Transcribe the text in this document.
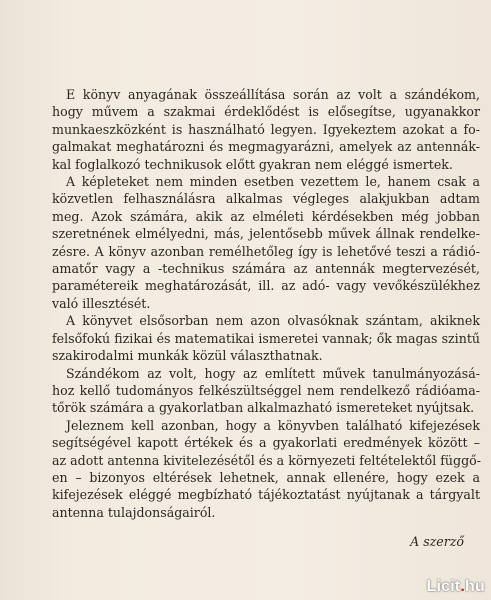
E könyv anyagának összeállítása során az volt a szándékom,
hogy művem a szakmai érdeklődést is elősegítse, ugyanakkor
munkaeszközként is használható legyen. Igyekeztem azokat a fo-
galmakat meghatározni és megmagyarázni, amelyek az antennák-
kal foglalkozó technikusok előtt gyakran nem eléggé ismertek.

A képleteket nem minden esetben vezettem le, hanem csak a
közvetlen felhasználásra alkalmas végleges alakjukban adtam
meg. Azok számára, akik az elméleti kérdésekben még jobban
szeretnének elmélyedni, más, jelentősebb művek állnak rendelke-
zésre. A könyv azonban remélhetőleg így is lehetővé teszi a rádió-
amatőr vagy a -technikus számára az antennák megtervezését,
paramétereik meghatározását, ill. az adó- vagy vevőkészülékhez
való illesztését.

A könyvet elsősorban nem azon olvasóknak szántam, akiknek
felsőfokú fizikai és matematikai ismeretei vannak; ők magas szintű
szakirodalmi munkák közül választhatnak.

Szándékom az volt, hogy az említett művek tanulmányozásá-
hoz kellő tudományos felkészültséggel nem rendelkező rádióama-
tőrök számára a gyakorlatban alkalmazható ismereteket nyújtsak.

Jeleznem kell azonban, hogy a könyvben található kifejezések
segítségével kapott értékek és a gyakorlati eredmények között –
az adott antenna kivitelezésétől és a környezeti feltételektől függő-
en – bizonyos eltérések lehetnek, annak ellenére, hogy ezek a
kifejezések eléggé megbízható tájékoztatást nyújtanak a tárgyalt
antenna tulajdonságairól.

A szerző
Licit.hu
